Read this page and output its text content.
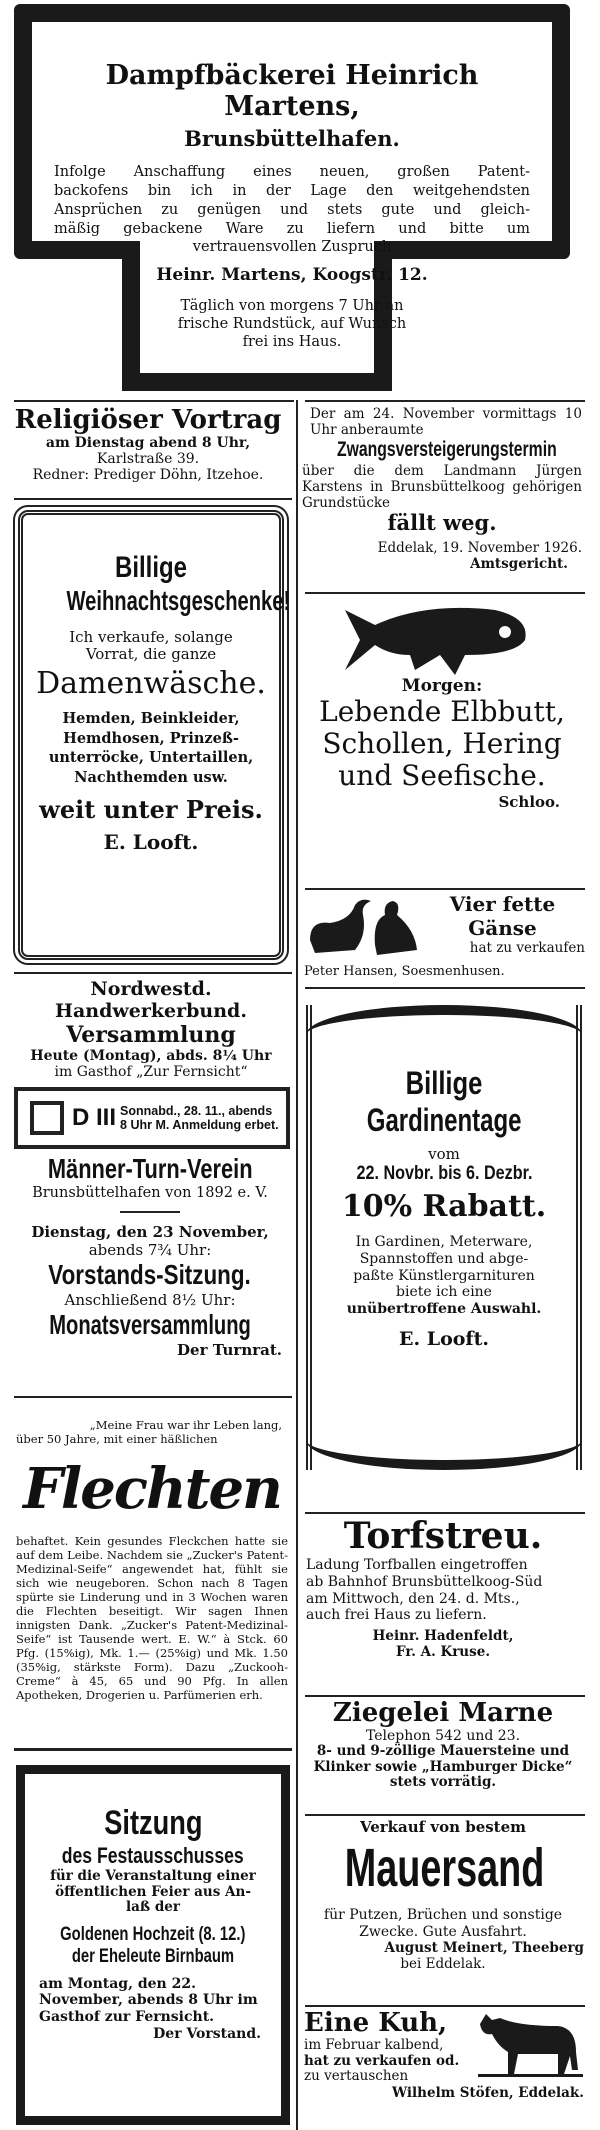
Dampfbäckerei Heinrich Martens,
Brunsbüttelhafen.
Infolge Anschaffung eines neuen, großen Patent-
backofens bin ich in der Lage den weitgehendsten
Ansprüchen zu genügen und stets gute und gleich-
mäßig gebackene Ware zu liefern und bitte um
vertrauensvollen Zuspruch
Heinr. Martens, Koogstr. 12.
Täglich von morgens 7 Uhr an
frische Rundstück, auf Wunsch
frei ins Haus.
Religiöser Vortrag
am Dienstag abend 8 Uhr,
Karlstraße 39.
Redner: Prediger Döhn, Itzehoe.
Billige
Weihnachtsgeschenke!
Ich verkaufe, solange
Vorrat, die ganze
Damenwäsche.
Hemden, Beinkleider,
Hemdhosen, Prinzeß-
unterröcke, Untertaillen,
Nachthemden usw.
weit unter Preis.
E. Looft.
Nordwestd. Handwerkerbund.
Versammlung
Heute (Montag), abds. 8¼ Uhr
im Gasthof „Zur Fernsicht“
D III Sonnabd., 28. 11., abends
8 Uhr M. Anmeldung erbet.
Männer-Turn-Verein
Brunsbüttelhafen von 1892 e. V.
Dienstag, den 23 November,
abends 7¾ Uhr:
Vorstands-Sitzung.
Anschließend 8½ Uhr:
Monatsversammlung
Der Turnrat.
„Meine Frau war ihr Leben lang,
über 50 Jahre, mit einer häßlichen
Flechten

behaftet. Kein gesundes Fleckchen hatte sie auf dem Leibe. Nachdem sie „Zucker's Patent-Medizinal-Seife“ angewendet hat, fühlt sie sich wie neugeboren. Schon nach 8 Tagen spürte sie Linderung und in 3 Wochen waren die Flechten beseitigt. Wir sagen Ihnen innigsten Dank. „Zucker's Patent-Medizinal-Seife“ ist Tausende wert. E. W.“ à Stck. 60 Pfg. (15%ig), Mk. 1.— (25%ig) und Mk. 1.50 (35%ig, stärkste Form). Dazu „Zuckooh-Creme“ à 45, 65 und 90 Pfg. In allen Apotheken, Drogerien u. Parfümerien erh.

Sitzung
des Festausschusses
für die Veranstaltung einer
öffentlichen Feier aus An-
laß der
Goldenen Hochzeit (8. 12.)
der Eheleute Birnbaum
am Montag, den 22. November, abends 8 Uhr im Gasthof zur Fernsicht.
Der Vorstand.

Der am 24. November vormittags 10 Uhr anberaumte

Zwangsversteigerungstermin

über die dem Landmann Jürgen Karstens in Brunsbüttelkoog gehörigen Grundstücke

fällt weg.
Eddelak, 19. November 1926.
Amtsgericht.
Morgen:
Lebende Elbbutt,
Schollen, Hering
und Seefische.
Schloo.
Vier fette
Gänse
hat zu verkaufen
Peter Hansen, Soesmenhusen.
Billige
Gardinentage
vom
22. Novbr. bis 6. Dezbr.

10% Rabatt.
In Gardinen, Meterware,
Spannstoffen und abge-
paßte Künstlergarnituren
biete ich eine
unübertroffene Auswahl.
E. Looft.
Torfstreu.
Ladung Torfballen eingetroffen
ab Bahnhof Brunsbüttelkoog-Süd
am Mittwoch, den 24. d. Mts.,
auch frei Haus zu liefern.
Heinr. Hadenfeldt,
Fr. A. Kruse.
Ziegelei Marne
Telephon 542 und 23.

8- und 9-zöllige Mauersteine und Klinker sowie „Hamburger Dicke“ stets vorrätig.

Verkauf von bestem
Mauersand
für Putzen, Brüchen und sonstige
Zwecke. Gute Ausfahrt.
August Meinert, Theeberg
bei Eddelak.
Eine Kuh,
im Februar kalbend,
hat zu verkaufen od.
zu vertauschen
Wilhelm Stöfen, Eddelak.
